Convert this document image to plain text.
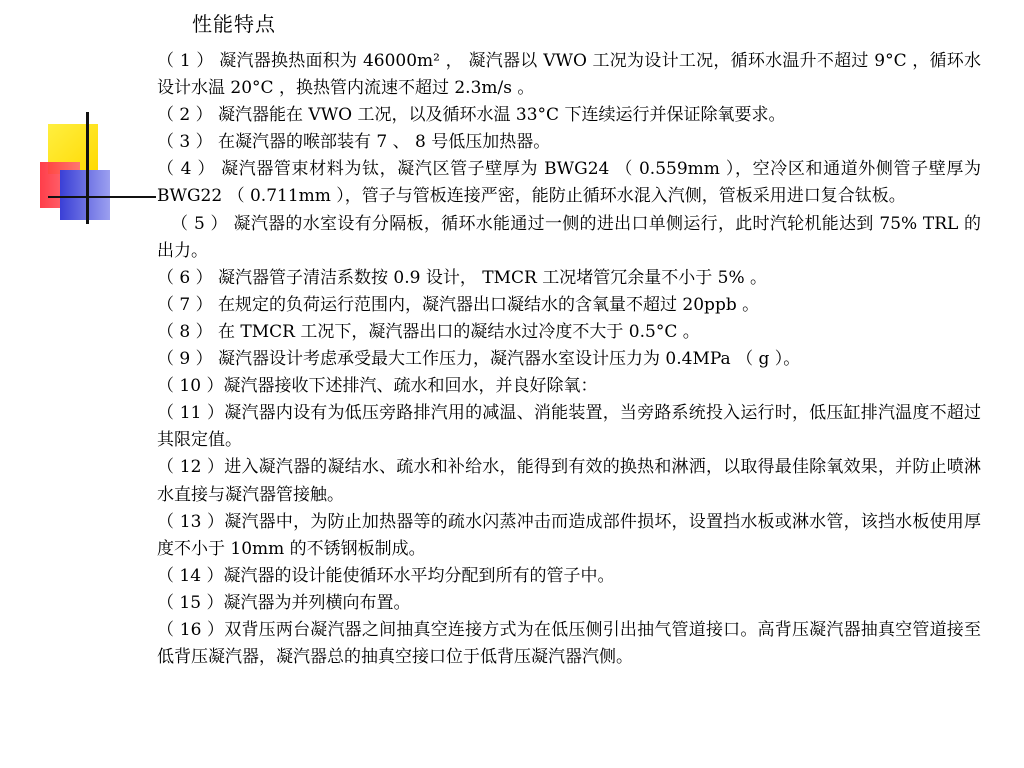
性能特点

（ 1 ） 凝汽器换热面积为 46000m² ， 凝汽器以 VWO 工况为设计工况，循环水温升不超过 9°C ，循环水设计水温 20°C ，换热管内流速不超过 2.3m/s 。

（ 2 ） 凝汽器能在 VWO 工况，以及循环水温 33°C 下连续运行并保证除氧要求。

（ 3 ） 在凝汽器的喉部装有 7 、 8 号低压加热器。

（ 4 ） 凝汽器管束材料为钛，凝汽区管子壁厚为 BWG24 （ 0.559mm ），空冷区和通道外侧管子壁厚为 BWG22 （ 0.711mm ），管子与管板连接严密，能防止循环水混入汽侧，管板采用进口复合钛板。

（ 5 ） 凝汽器的水室设有分隔板，循环水能通过一侧的进出口单侧运行，此时汽轮机能达到 75% TRL 的出力。

（ 6 ） 凝汽器管子清洁系数按 0.9 设计， TMCR 工况堵管冗余量不小于 5% 。

（ 7 ） 在规定的负荷运行范围内，凝汽器出口凝结水的含氧量不超过 20ppb 。

（ 8 ） 在 TMCR 工况下，凝汽器出口的凝结水过冷度不大于 0.5°C 。

（ 9 ） 凝汽器设计考虑承受最大工作压力，凝汽器水室设计压力为 0.4MPa （ g ）。

（ 10 ）凝汽器接收下述排汽、疏水和回水，并良好除氧：

（ 11 ）凝汽器内设有为低压旁路排汽用的减温、消能装置，当旁路系统投入运行时，低压缸排汽温度不超过其限定值。

（ 12 ）进入凝汽器的凝结水、疏水和补给水，能得到有效的换热和淋洒，以取得最佳除氧效果，并防止喷淋水直接与凝汽器管接触。

（ 13 ）凝汽器中，为防止加热器等的疏水闪蒸冲击而造成部件损坏，设置挡水板或淋水管，该挡水板使用厚度不小于 10mm 的不锈钢板制成。

（ 14 ）凝汽器的设计能使循环水平均分配到所有的管子中。

（ 15 ）凝汽器为并列横向布置。

（ 16 ）双背压两台凝汽器之间抽真空连接方式为在低压侧引出抽气管道接口。高背压凝汽器抽真空管道接至低背压凝汽器，凝汽器总的抽真空接口位于低背压凝汽器汽侧。
